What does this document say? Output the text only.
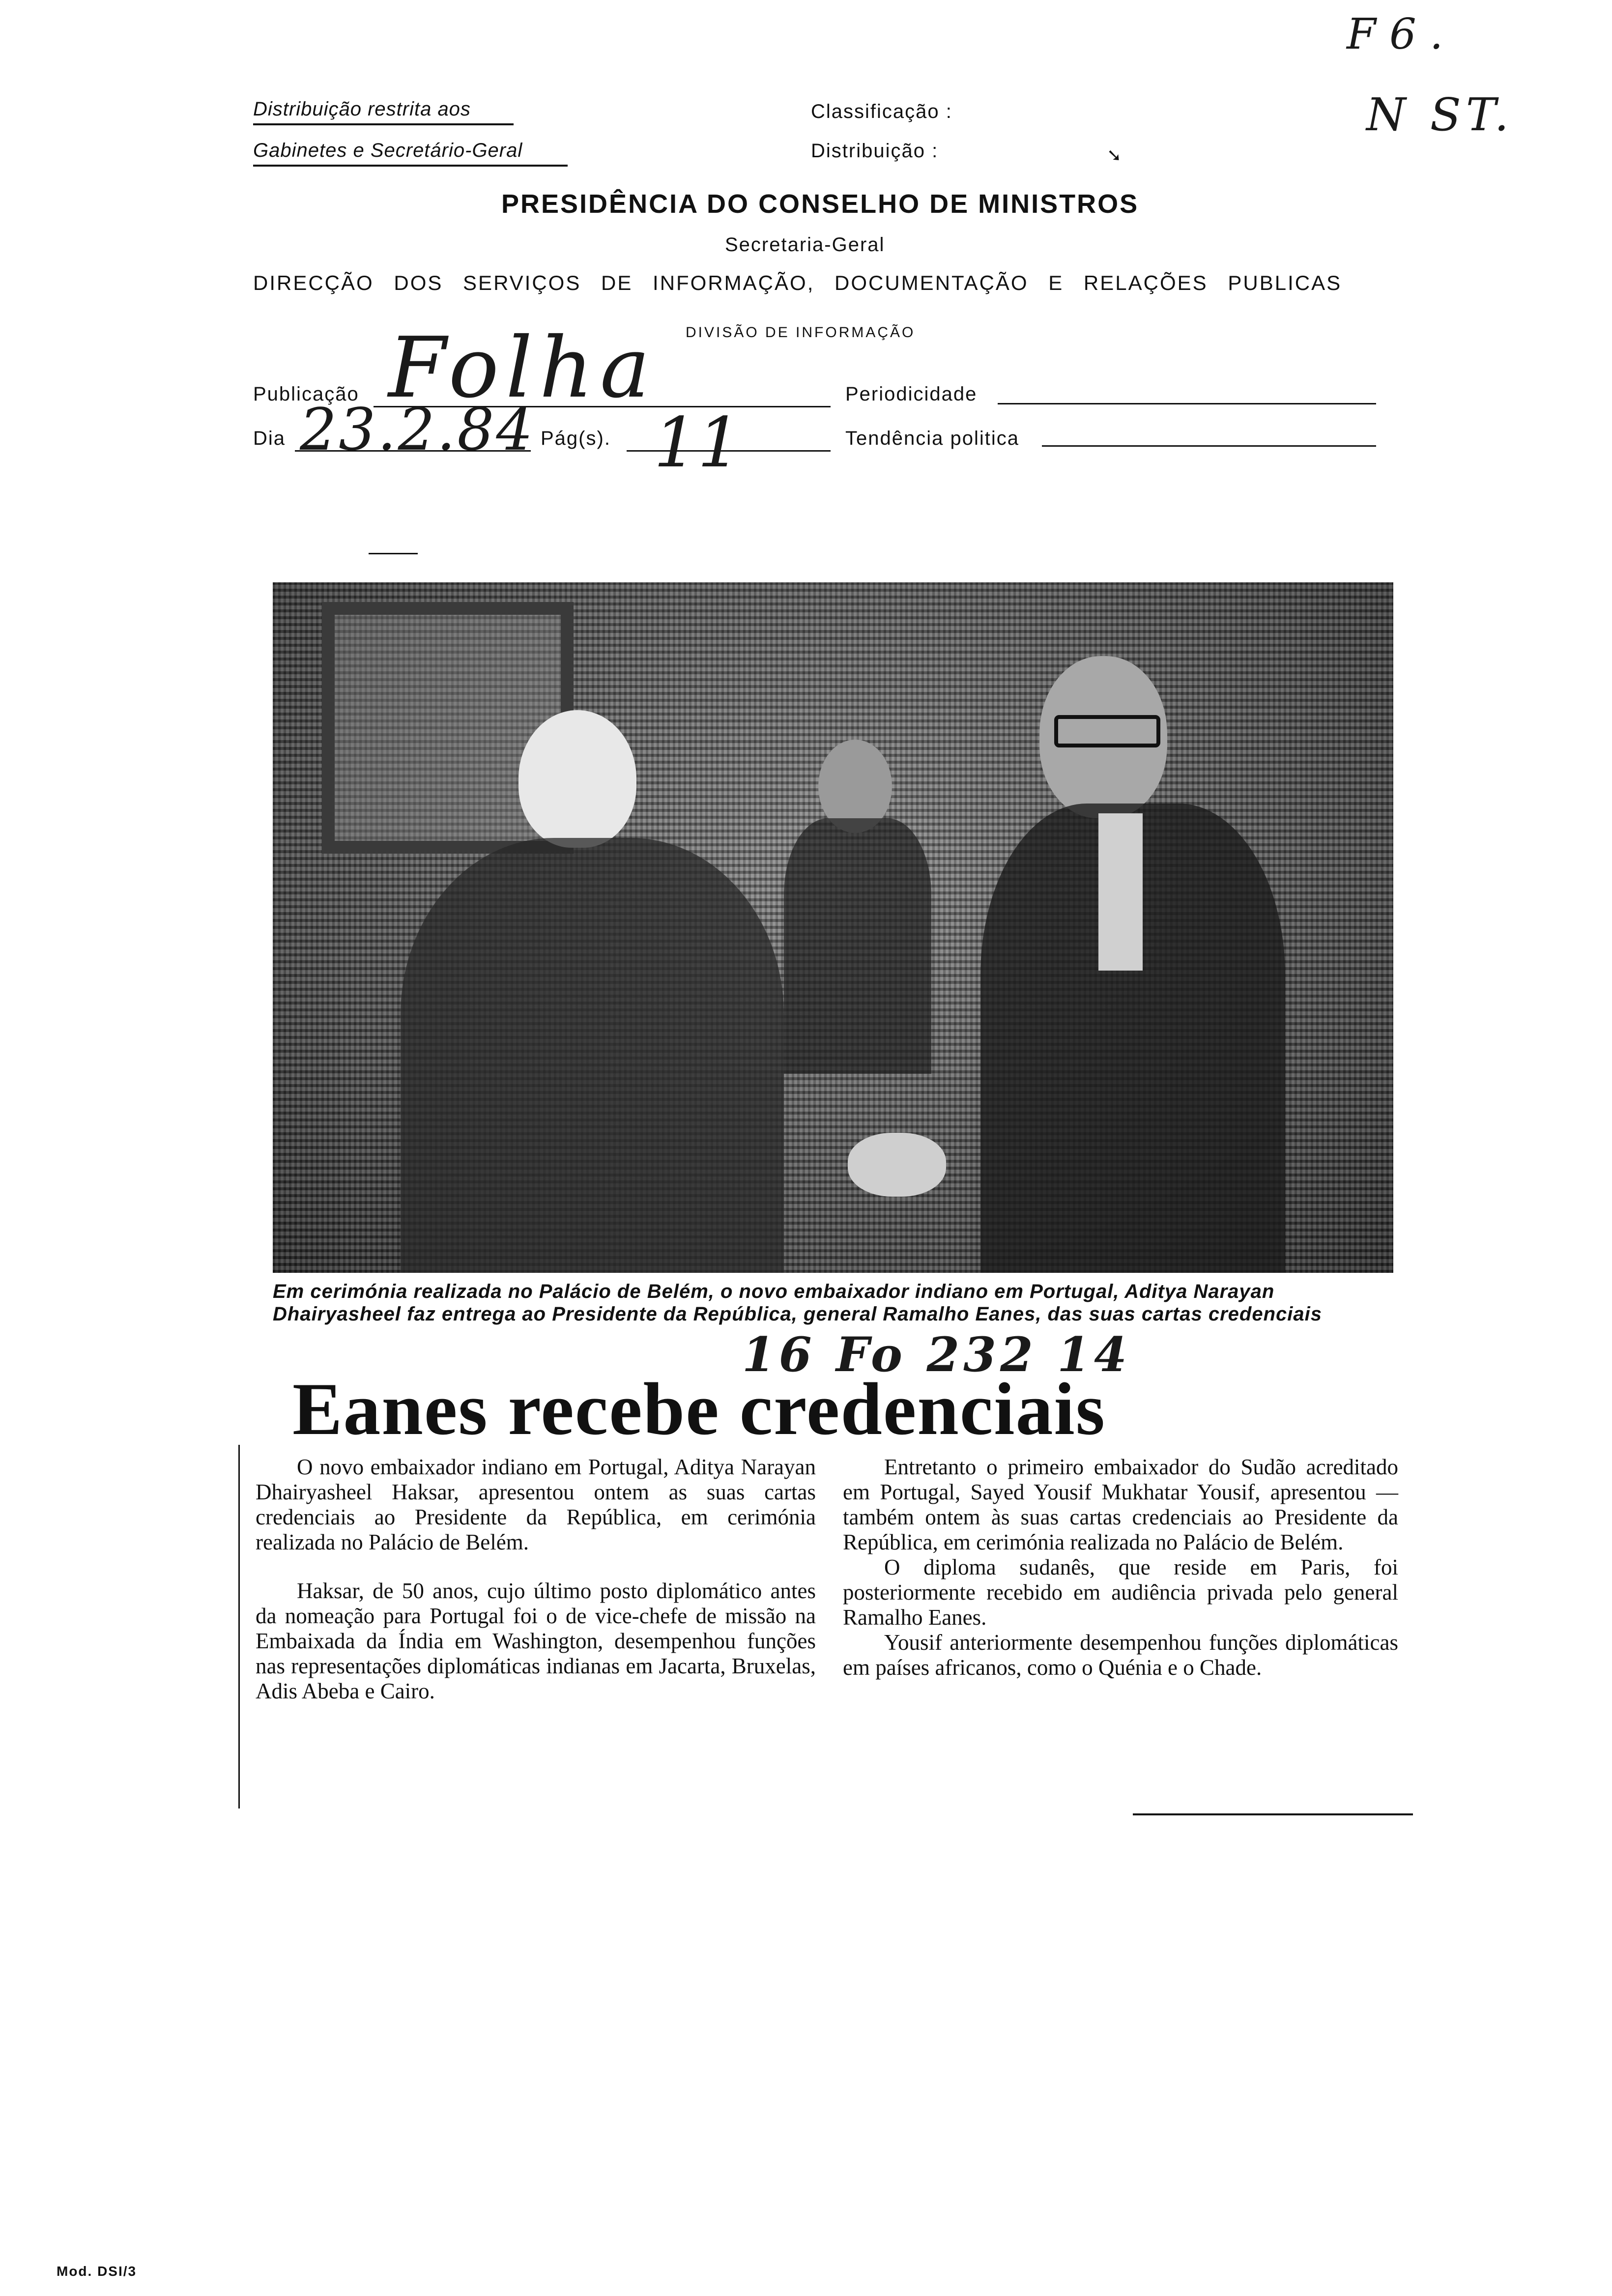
Distribuição restrita aos
Gabinetes e Secretário-Geral
Classificação :
Distribuição :	➘
F 6 .
N ST.
PRESIDÊNCIA DO CONSELHO DE MINISTROS
Secretaria-Geral
DIRECÇÃO DOS SERVIÇOS DE INFORMAÇÃO, DOCUMENTAÇÃO E RELAÇÕES PUBLICAS
DIVISÃO DE INFORMAÇÃO
Publicação Folha	Periodicidade
Dia 23.2.84 Pág(s). 11	Tendência politica
Em cerimónia realizada no Palácio de Belém, o novo embaixador indiano em Portugal, Aditya Narayan Dhairyasheel faz entrega ao Presidente da República, general Ramalho Eanes, das suas cartas credenciais
16 Fo 232 14
Eanes recebe credenciais

O novo embaixador indiano em Portugal, Aditya Narayan Dhairyasheel Haksar, apresentou ontem as suas cartas credenciais ao Presidente da República, em cerimónia realizada no Palácio de Belém.

Haksar, de 50 anos, cujo último posto diplomático antes da nomeação para Portugal foi o de vice-chefe de missão na Embaixada da Índia em Washington, desempenhou funções nas representações diplomáticas indianas em Jacarta, Bruxelas, Adis Abeba e Cairo.

Entretanto o primeiro embaixador do Sudão acreditado em Portugal, Sayed Yousif Mukhatar Yousif, apresentou — também ontem às suas cartas credenciais ao Presidente da República, em cerimónia realizada no Palácio de Belém.

O diploma sudanês, que reside em Paris, foi posteriormente recebido em audiência privada pelo general Ramalho Eanes.

Yousif anteriormente desempenhou funções diplomáticas em países africanos, como o Quénia e o Chade.

Mod. DSI/3
